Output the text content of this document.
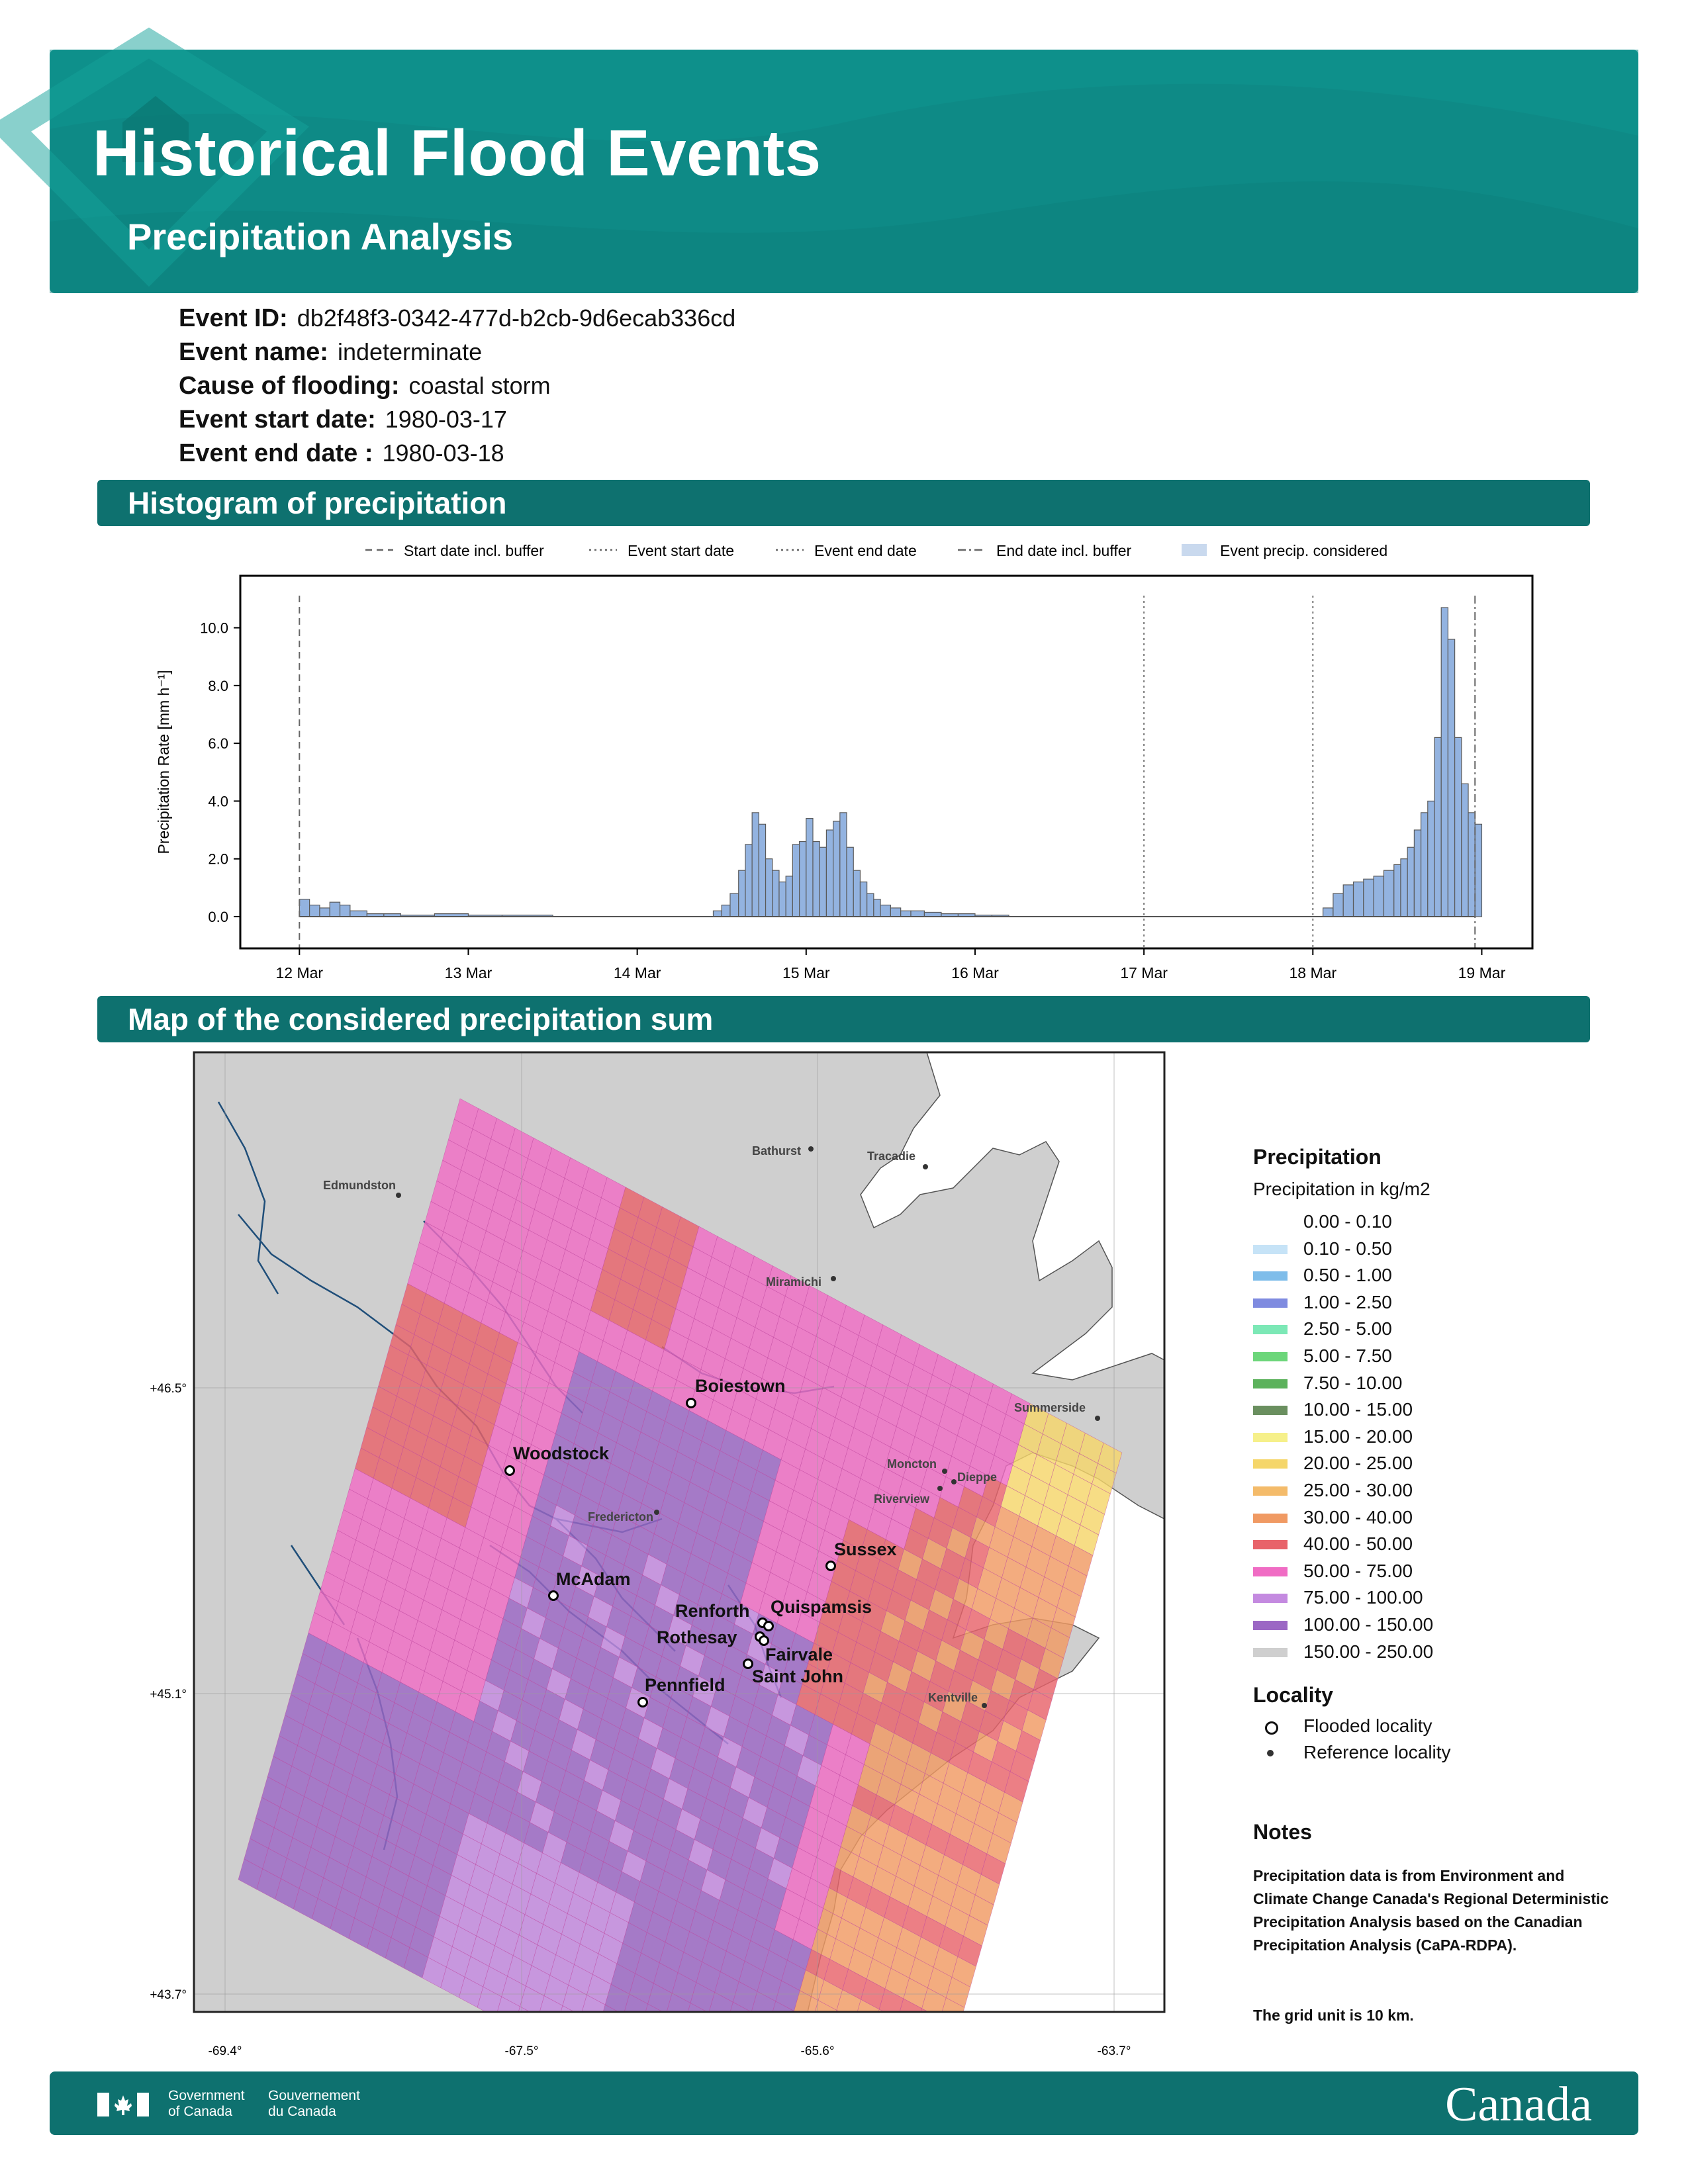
Historical Flood Events
Precipitation Analysis
Event ID: db2f48f3-0342-477d-b2cb-9d6ecab336cd
Event name: indeterminate
Cause of flooding: coastal storm
Event start date: 1980-03-17
Event end date : 1980-03-18
Histogram of precipitation
Start date incl. buffer	Event start date	Event end date	End date incl. buffer	Event precip. considered
0.0
2.0
4.0
6.0
8.0
10.0
Precipitation Rate [mm h⁻¹]
12 Mar	13 Mar	14 Mar	15 Mar	16 Mar	17 Mar	18 Mar	19 Mar
Map of the considered precipitation sum
-69.4°	-67.5°	-65.6°	-63.7°
+46.5°
+45.1°
+43.7°
Woodstock
Boiestown
McAdam
Sussex
Renforth Quispamsis
Rothesay
Fairvale
Saint John
Pennfield
Edmundston
Bathurst	Tracadie
Miramichi
Summerside
Moncton
Dieppe
Riverview
Fredericton
Kentville
Precipitation
Precipitation in kg/m2
0.00 - 0.10
0.10 - 0.50
0.50 - 1.00
1.00 - 2.50
2.50 - 5.00
5.00 - 7.50
7.50 - 10.00
10.00 - 15.00
15.00 - 20.00
20.00 - 25.00
25.00 - 30.00
30.00 - 40.00
40.00 - 50.00
50.00 - 75.00
75.00 - 100.00
100.00 - 150.00
150.00 - 250.00
Locality
Flooded locality
Reference locality
Notes
Precipitation data is from Environment and Climate Change Canada's Regional Deterministic Precipitation Analysis based on the Canadian Precipitation Analysis (CaPA-RDPA).
The grid unit is 10 km.
Government
of Canada
Gouvernement
du Canada	Canada
